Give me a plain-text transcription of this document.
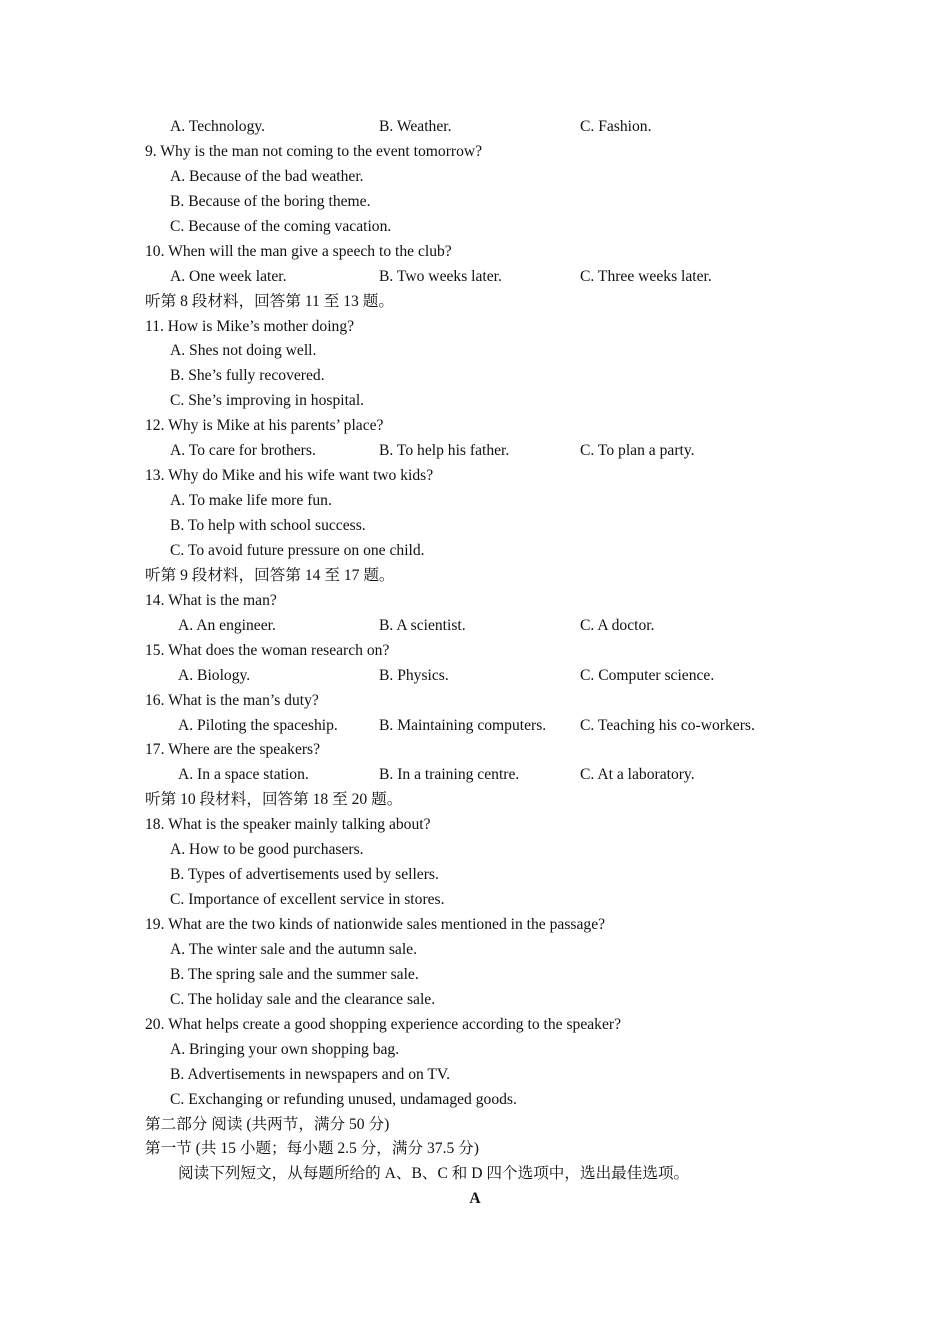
A. Technology.	B. Weather.	C. Fashion.
9. Why is the man not coming to the event tomorrow?
A. Because of the bad weather.
B. Because of the boring theme.
C. Because of the coming vacation.
10. When will the man give a speech to the club?
A. One week later.	B. Two weeks later.	C. Three weeks later.
听第 8 段材料，回答第 11 至 13 题。
11. How is Mike’s mother doing?
A. Shes not doing well.
B. She’s fully recovered.
C. She’s improving in hospital.
12. Why is Mike at his parents’ place?
A. To care for brothers.	B. To help his father.	C. To plan a party.
13. Why do Mike and his wife want two kids?
A. To make life more fun.
B. To help with school success.
C. To avoid future pressure on one child.
听第 9 段材料，回答第 14 至 17 题。
14. What is the man?
A. An engineer.	B. A scientist.	C. A doctor.
15. What does the woman research on?
A. Biology.	B. Physics.	C. Computer science.
16. What is the man’s duty?
A. Piloting the spaceship.	B. Maintaining computers. C. Teaching his co-workers.
17. Where are the speakers?
A. In a space station.	B. In a training centre.	C. At a laboratory.
听第 10 段材料，回答第 18 至 20 题。
18. What is the speaker mainly talking about?
A. How to be good purchasers.
B. Types of advertisements used by sellers.
C. Importance of excellent service in stores.
19. What are the two kinds of nationwide sales mentioned in the passage?
A. The winter sale and the autumn sale.
B. The spring sale and the summer sale.
C. The holiday sale and the clearance sale.
20. What helps create a good shopping experience according to the speaker?
A. Bringing your own shopping bag.
B. Advertisements in newspapers and on TV.
C. Exchanging or refunding unused, undamaged goods.
第二部分 阅读 (共两节，满分 50 分)
第一节 (共 15 小题；每小题 2.5 分，满分 37.5 分)
阅读下列短文，从每题所给的 A、B、C 和 D 四个选项中，选出最佳选项。
A
